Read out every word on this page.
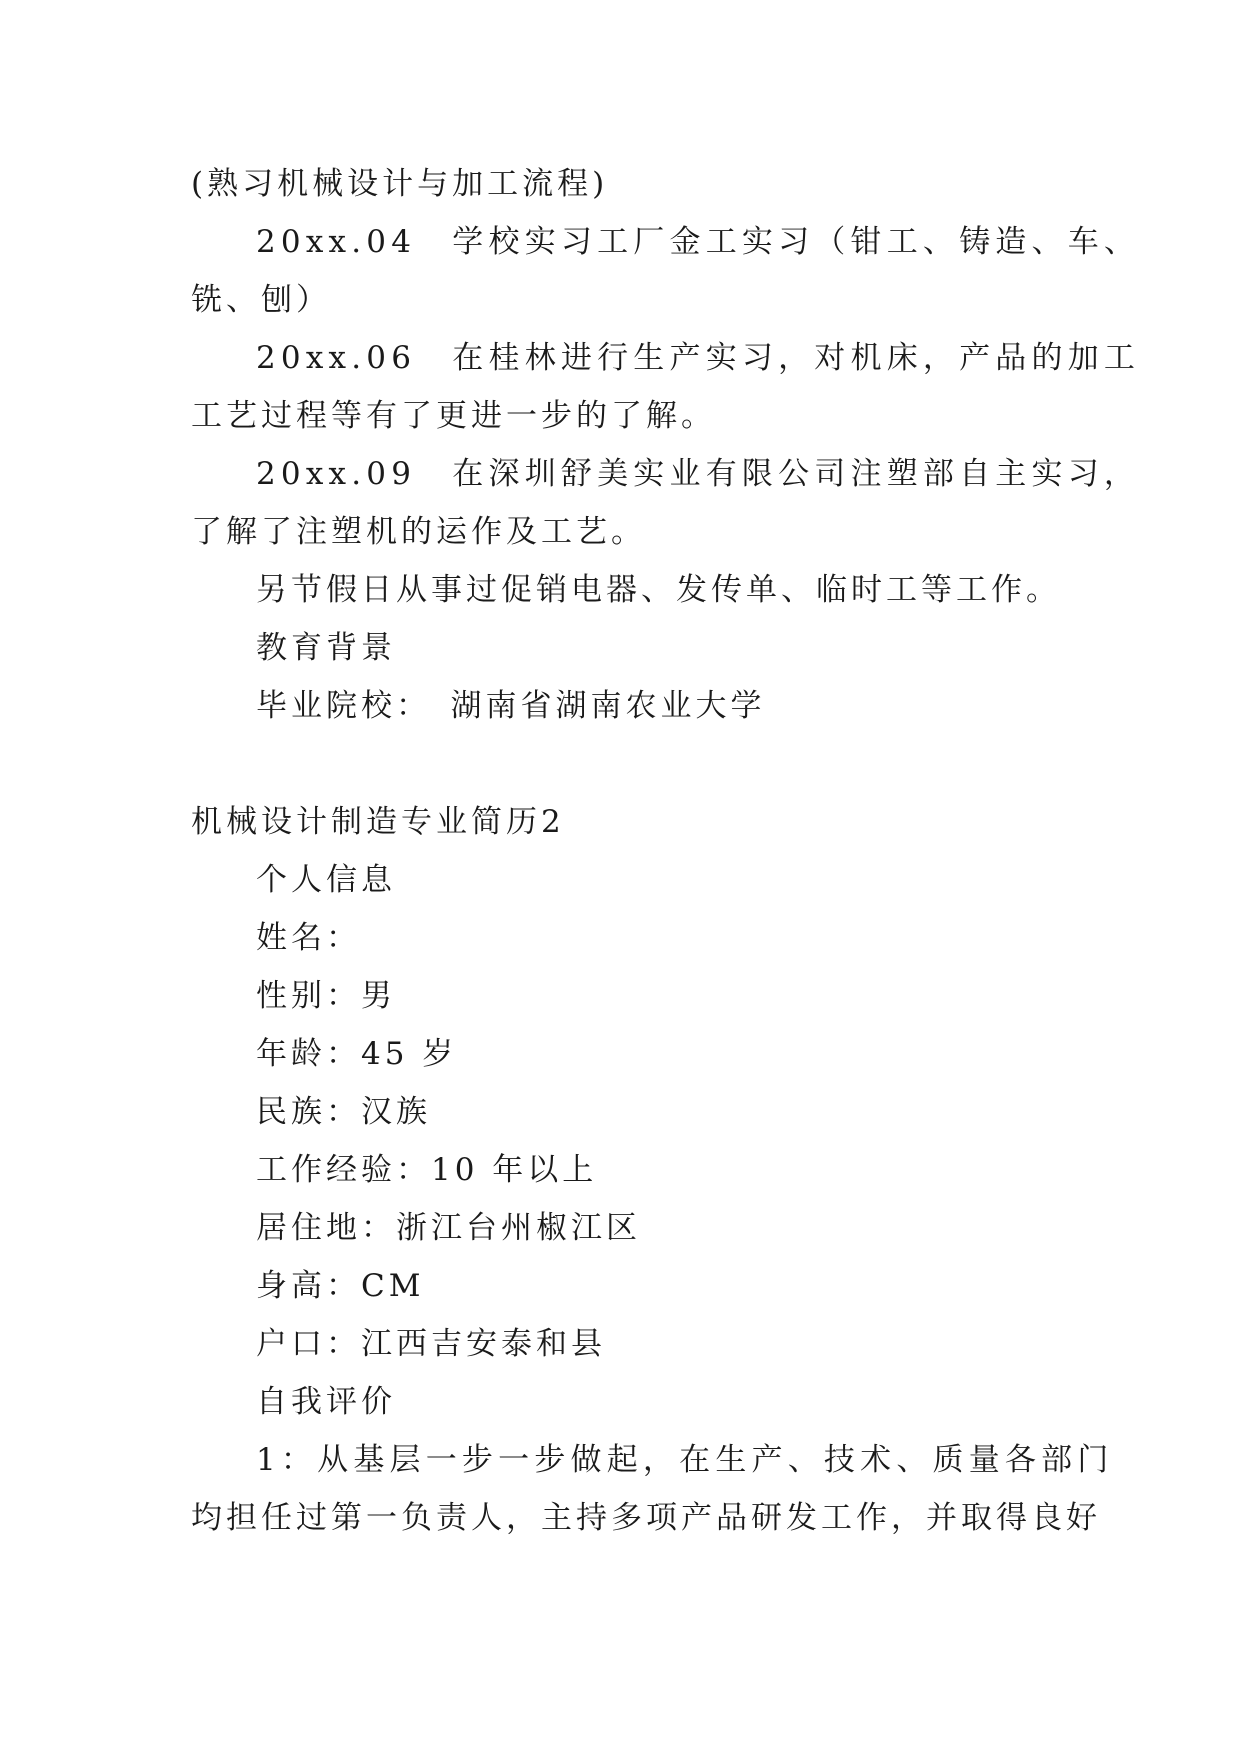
(熟习机械设计与加工流程)
20xx.04　学校实习工厂金工实习（钳工、铸造、车、
铣、刨）
20xx.06　在桂林进行生产实习，对机床，产品的加工
工艺过程等有了更进一步的了解。
20xx.09　在深圳舒美实业有限公司注塑部自主实习，
了解了注塑机的运作及工艺。
另节假日从事过促销电器、发传单、临时工等工作。
教育背景
毕业院校：　湖南省湖南农业大学
机械设计制造专业简历2
个人信息
姓名：
性别：男
年龄：45 岁
民族：汉族
工作经验：10 年以上
居住地：浙江台州椒江区
身高：CM
户口：江西吉安泰和县
自我评价
1：从基层一步一步做起，在生产、技术、质量各部门
均担任过第一负责人，主持多项产品研发工作，并取得良好
